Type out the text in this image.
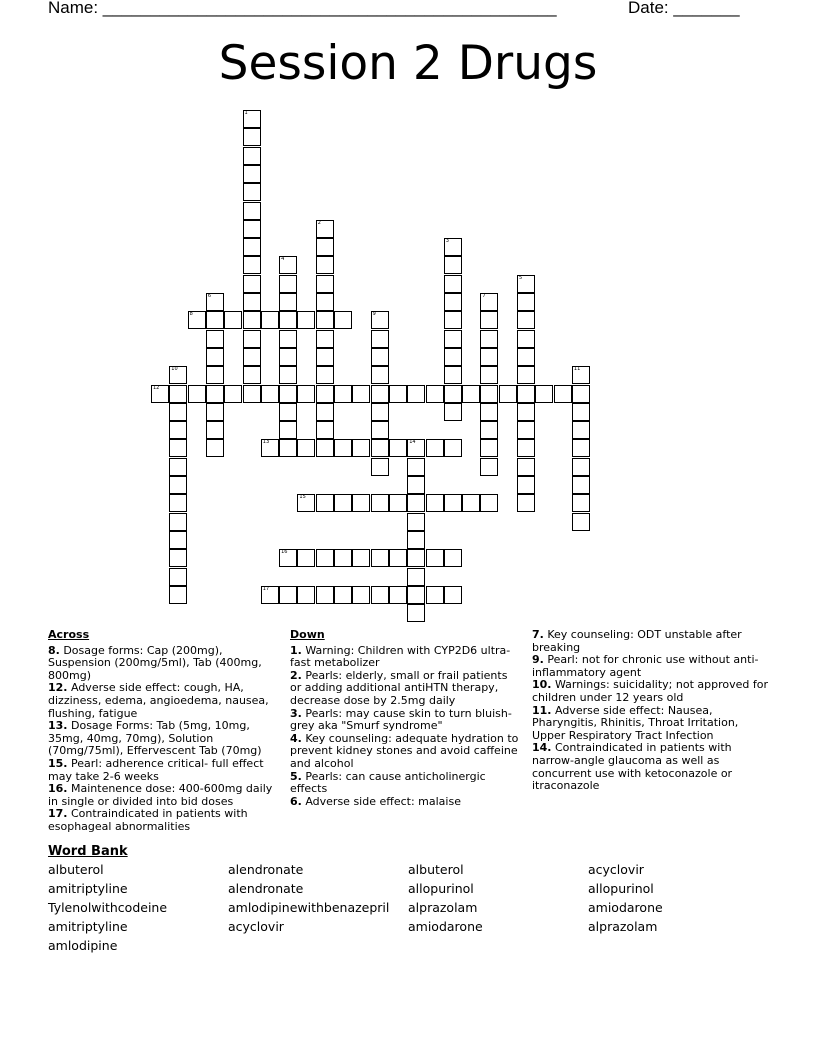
Name: ________________________________________________	Date: _______
Session 2 Drugs
1
2
3
4
5
6	7
8	9
10	11
12
13	14
15
16
17
Across

8. Dosage forms: Cap (200mg), Suspension (200mg/5ml), Tab (400mg, 800mg)

12. Adverse side effect: cough, HA, dizziness, edema, angioedema, nausea, flushing, fatigue

13. Dosage Forms: Tab (5mg, 10mg, 35mg, 40mg, 70mg), Solution (70mg/75ml), Effervescent Tab (70mg)

15. Pearl: adherence critical- full effect may take 2-6 weeks

16. Maintenence dose: 400-600mg daily in single or divided into bid doses

17. Contraindicated in patients with esophageal abnormalities

Down

1. Warning: Children with CYP2D6 ultra-fast metabolizer

2. Pearls: elderly, small or frail patients or adding additional antiHTN therapy, decrease dose by 2.5mg daily

3. Pearls: may cause skin to turn bluish-grey aka "Smurf syndrome"

4. Key counseling: adequate hydration to prevent kidney stones and avoid caffeine and alcohol

5. Pearls: can cause anticholinergic effects

6. Adverse side effect: malaise

7. Key counseling: ODT unstable after breaking

9. Pearl: not for chronic use without anti-inflammatory agent

10. Warnings: suicidality; not approved for children under 12 years old

11. Adverse side effect: Nausea, Pharyngitis, Rhinitis, Throat Irritation, Upper Respiratory Tract Infection

14. Contraindicated in patients with narrow-angle glaucoma as well as concurrent use with ketoconazole or itraconazole

Word Bank
albuterol	alendronate	albuterol	acyclovir
amitriptyline	alendronate	allopurinol	allopurinol
Tylenolwithcodeine	amlodipinewithbenazepril alprazolam	amiodarone
amitriptyline	acyclovir	amiodarone	alprazolam
amlodipine
